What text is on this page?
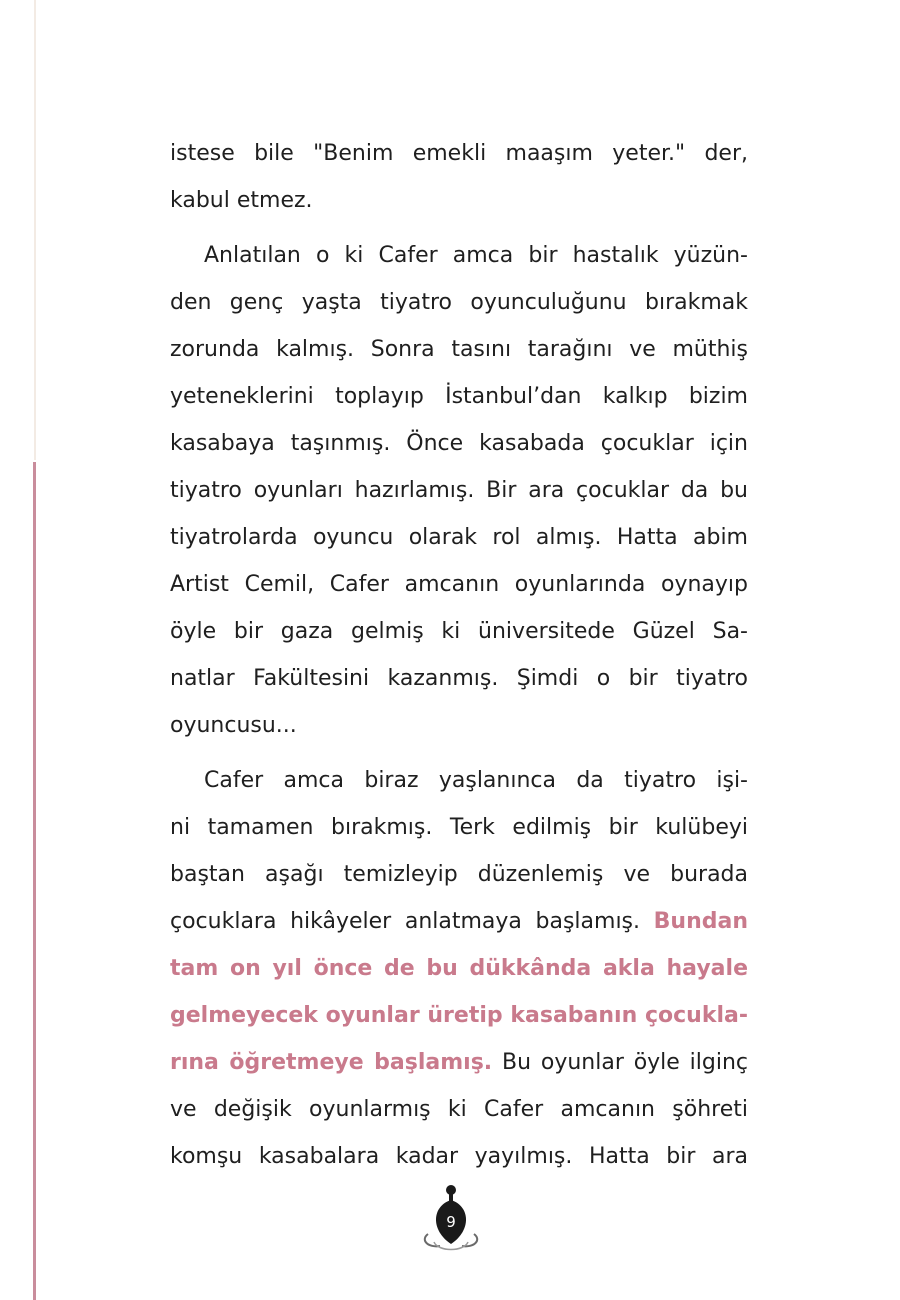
istese bile "Benim emekli maaşım yeter." der,
kabul etmez.
Anlatılan o ki Cafer amca bir hastalık yüzün-
den genç yaşta tiyatro oyunculuğunu bırakmak
zorunda kalmış. Sonra tasını tarağını ve müthiş
yeteneklerini toplayıp İstanbul’dan kalkıp bizim
kasabaya taşınmış. Önce kasabada çocuklar için
tiyatro oyunları hazırlamış. Bir ara çocuklar da bu
tiyatrolarda oyuncu olarak rol almış. Hatta abim
Artist Cemil, Cafer amcanın oyunlarında oynayıp
öyle bir gaza gelmiş ki üniversitede Güzel Sa-
natlar Fakültesini kazanmış. Şimdi o bir tiyatro
oyuncusu...
Cafer amca biraz yaşlanınca da tiyatro işi-
ni tamamen bırakmış. Terk edilmiş bir kulübeyi
baştan aşağı temizleyip düzenlemiş ve burada
çocuklara hikâyeler anlatmaya başlamış. Bundan
tam on yıl önce de bu dükkânda akla hayale
gelmeyecek oyunlar üretip kasabanın çocukla-
rına öğretmeye başlamış. Bu oyunlar öyle ilginç
ve değişik oyunlarmış ki Cafer amcanın şöhreti
komşu kasabalara kadar yayılmış. Hatta bir ara
9
